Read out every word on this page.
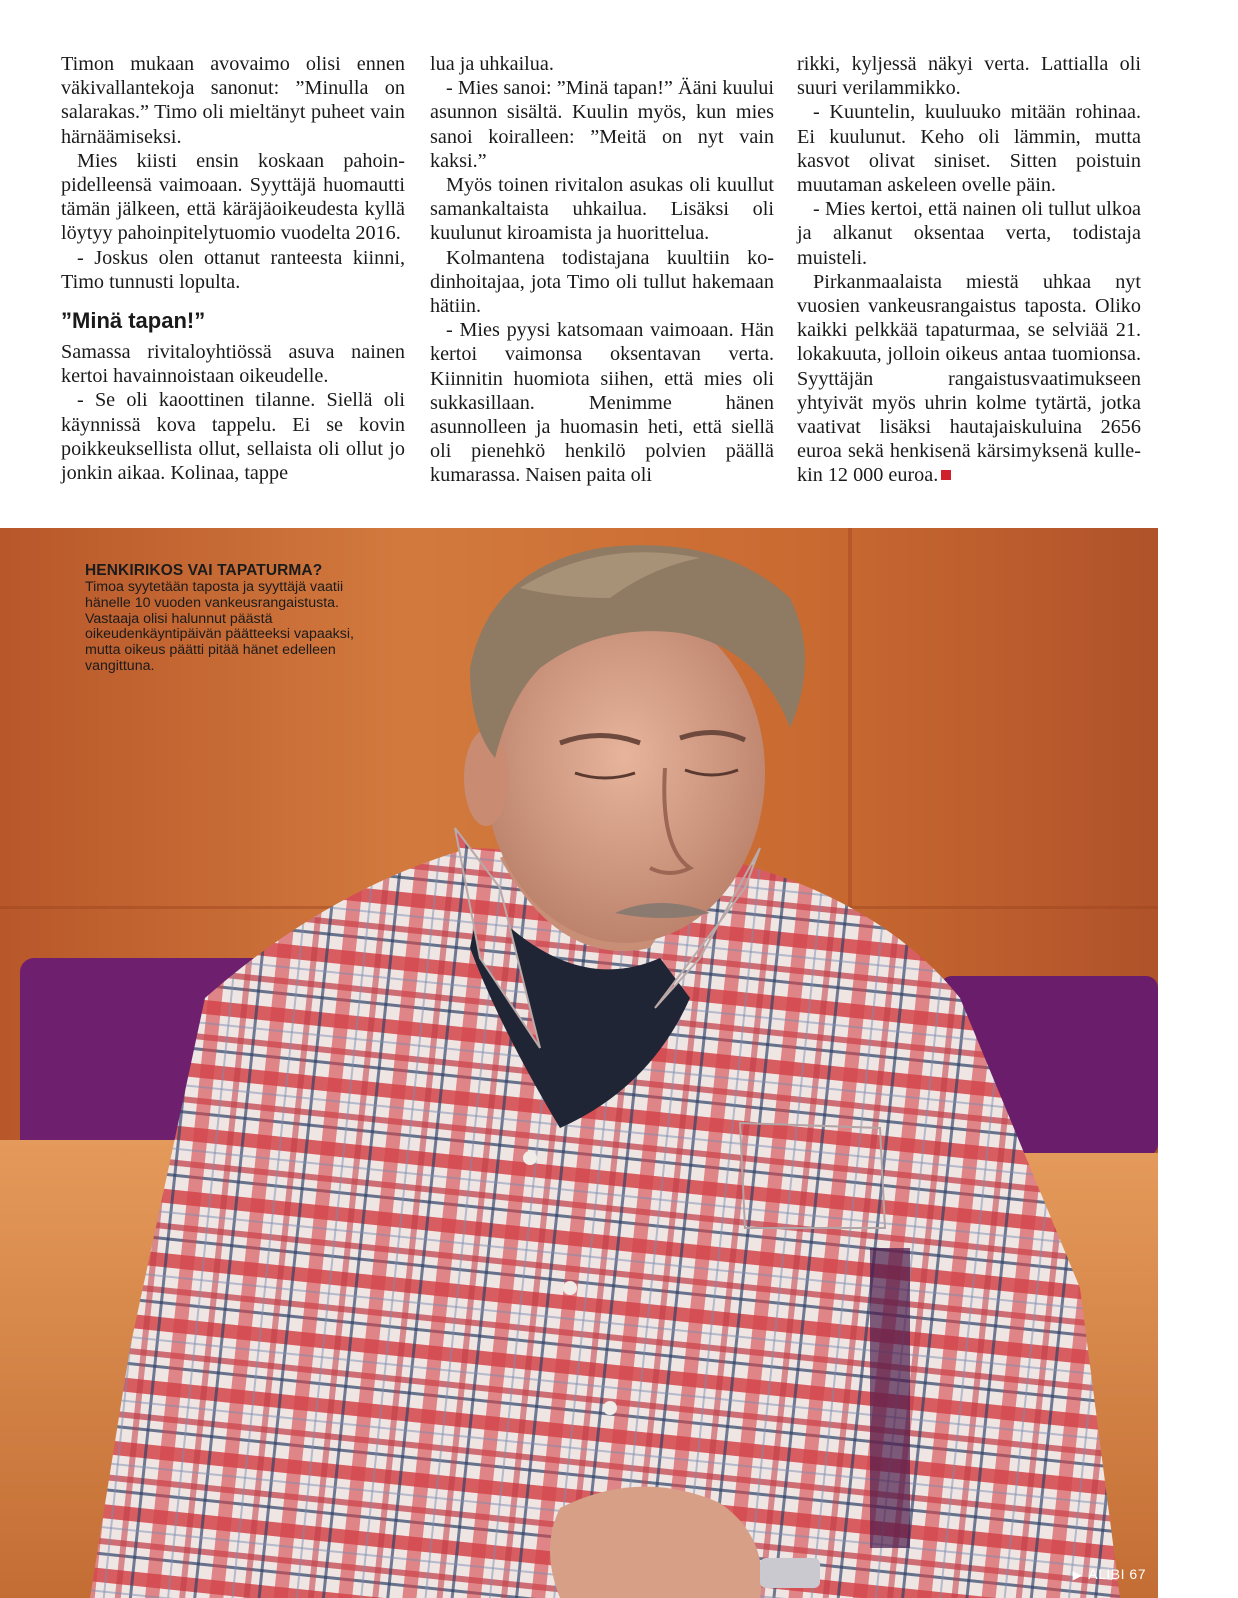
Timon mukaan avovaimo olisi ennen väkivallantekoja sanonut: ”Minulla on salarakas.” Timo oli mieltänyt puheet vain härnäämiseksi.

Mies kiisti ensin koskaan pahoinpidelleensä vaimoaan. Syyttäjä huomautti tämän jälkeen, että käräjäoikeudesta kyllä löytyy pahoinpitelytuomio vuodelta 2016.

- Joskus olen ottanut ranteesta kiinni, Timo tunnusti lopulta.

”Minä tapan!”

Samassa rivitaloyhtiössä asuva nainen kertoi havainnoistaan oikeudelle.

- Se oli kaoottinen tilanne. Siellä oli käynnissä kova tappelu. Ei se kovin poikkeuksellista ollut, sellaista oli ollut jo jonkin aikaa. Kolinaa, tappe

lua ja uhkailua.

- Mies sanoi: ”Minä tapan!” Ääni kuului asunnon sisältä. Kuulin myös, kun mies sanoi koiralleen: ”Meitä on nyt vain kaksi.”

Myös toinen rivitalon asukas oli kuullut samankaltaista uhkailua. Lisäksi oli kuulunut kiroamista ja huorittelua.

Kolmantena todistajana kuultiin kodinhoitajaa, jota Timo oli tullut hakemaan hätiin.

- Mies pyysi katsomaan vaimoaan. Hän kertoi vaimonsa oksentavan verta. Kiinnitin huomiota siihen, että mies oli sukkasillaan. Menimme hänen asunnolleen ja huomasin heti, että siellä oli pienehkö henkilö polvien päällä kumarassa. Naisen paita oli

rikki, kyljessä näkyi verta. Lattialla oli suuri verilammikko.

- Kuuntelin, kuuluuko mitään rohinaa. Ei kuulunut. Keho oli lämmin, mutta kasvot olivat siniset. Sitten poistuin muutaman askeleen ovelle päin.

- Mies kertoi, että nainen oli tullut ulkoa ja alkanut oksentaa verta, todistaja muisteli.

Pirkanmaalaista miestä uhkaa nyt vuosien vankeusrangaistus taposta. Oliko kaikki pelkkää tapaturmaa, se selviää 21. lokakuuta, jolloin oikeus antaa tuomionsa. Syyttäjän rangaistusvaatimukseen yhtyivät myös uhrin kolme tytärtä, jotka vaativat lisäksi hautajaiskuluina 2656 euroa sekä henkisenä kärsimyksenä kullekin 12 000 euroa.

HENKIRIKOS VAI TAPATURMA?
Timoa syytetään taposta ja syyttäjä vaatii hänelle 10 vuoden vankeusrangaistusta. Vastaaja olisi halunnut päästä oikeudenkäyntipäivän päätteeksi vapaaksi, mutta oikeus päätti pitää hänet edelleen vangittuna.
▶ ALIBI 67
